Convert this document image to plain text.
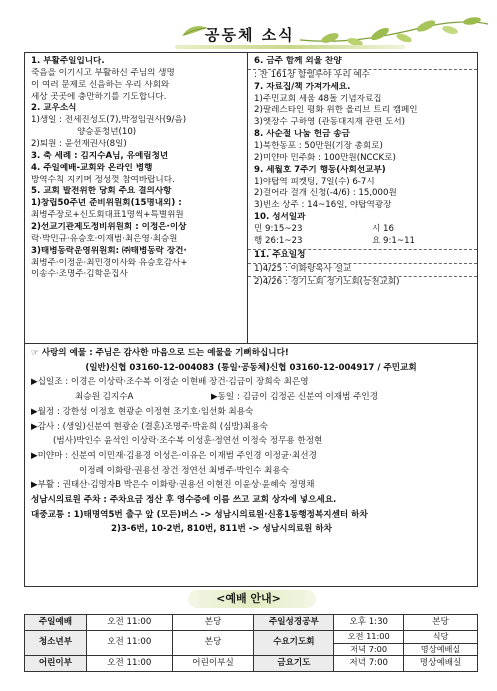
공동체 소식
1. 부활주일입니다.
죽음을 이기시고 부활하신 주님의 생명
이 여러 문제로 신음하는 우리 사회와
세상 곳곳에 충만하기를 기도합니다.
2. 교우소식
1)생일 : 전세진성도(7),박정임권사(9/음)
양승훈청년(10)
2)퇴원 : 윤선재권사(8일)
3. 축 세례 : 김지수A님, 유예림청년
4. 주일예배-교회와 온라인 병행
방역수칙 지키며 정성껏 참여바랍니다.
5. 교회 발전위한 당회 주요 결의사항
1)창립50주년 준비위원회(15명내외) :
최병주장로+신도회대표1명씩+특별위원
2)선교기관제도정비위원회 : 이정은·이상
락·박민규·유승호·이재범·최은영·최승원
3)태병동락운영위원회: ㈜태병동락 장건·
최병주·이정운·최민경이사와 유승호감사+
이송수·조명주·김학운집사
6. 금주 함께 외울 찬양
: 찬 161장 할렐루야 우리 예수
7. 자료집/책 가져가세요.
1)주민교회 세움 48돌 기념자료집
2)팔레스타인 평화 위한 올리브 트리 캠페인
3)엣장수 구하영 (관동대지재 관련 도서)
8. 사순절 나눔 헌금 송금
1)북한동포 : 50만원(기장 총회로)
2)미얀마 민주화 : 100만원(NCCK로)
9. 세월호 7주기 행동(사회선교부)
1)야탑역 피켓팅, 7일(수) 6-7시
2)걸어라 걸개 신청(-4/6) : 15,000원
3)빈소 상주 : 14~16일, 야탑역광장
10. 성서일과
민 9:15~23	시 16
행 26:1~23	요 9:1~11
11. 주요일정
1)4/25 : 이화랑목사 설교
2)4/26 : 경기노회 정기노회(능천교회)
☞ 사랑의 예물 : 주님은 감사한 마음으로 드는 예물을 기뻐하십니다!
(일반)신협 03160-12-004083 (통일·공동체)신협 03160-12-004917 / 주민교회
▶십일조 : 이경은 이상락·조수복 이정순 이현배 장건·김금이 장희숙 최은영
최승원 김지수A	▶동일 : 김금이 김정곤 신분여 이재범 주인경
▶월정 : 강한성 이정호 현광순 이정현 조기호·임선화 최용숙
▶감사 : (생일)신분여 현광순 (결혼)조명주·박윤희 (심방)최용숙
(범사)박인수 윤석인 이상락·조수복 이성훈·정연선 이정숙 정무용 한정현
▶미얀마 : 신분여 이민재·김용경 이성은·이유은 이재범 주인경 이정균·최선경
이정례 이화랑·권용선 장건 정연선 최병주·박인수 최용숙
▶부활 : 권태산·김명자B 박은수 이화랑·권용선 이현진 이윤상·윤혜숙 정명채
성남시의료원 주차 : 주차요금 정산 후 영수증에 이름 쓰고 교회 상자에 넣으세요.
대중교통 : 1)태명역5번 출구 앞 (모든)버스 -> 성남시의료원·신흥1동행정복지센터 하차
2)3-6번, 10-2번, 810번, 811번 -> 성남시의료원 하차
<예배 안내>
주일예배	오전 11:00	본당	주일성경공부	오후 1:30	본당
청소년부	오전 11:00	본당	수요기도회	오전 11:00	식당
				저녁 7:00	명상예배실
어린이부	오전 11:00	어린이부실	금요기도	저녁 7:00	명상예배실
